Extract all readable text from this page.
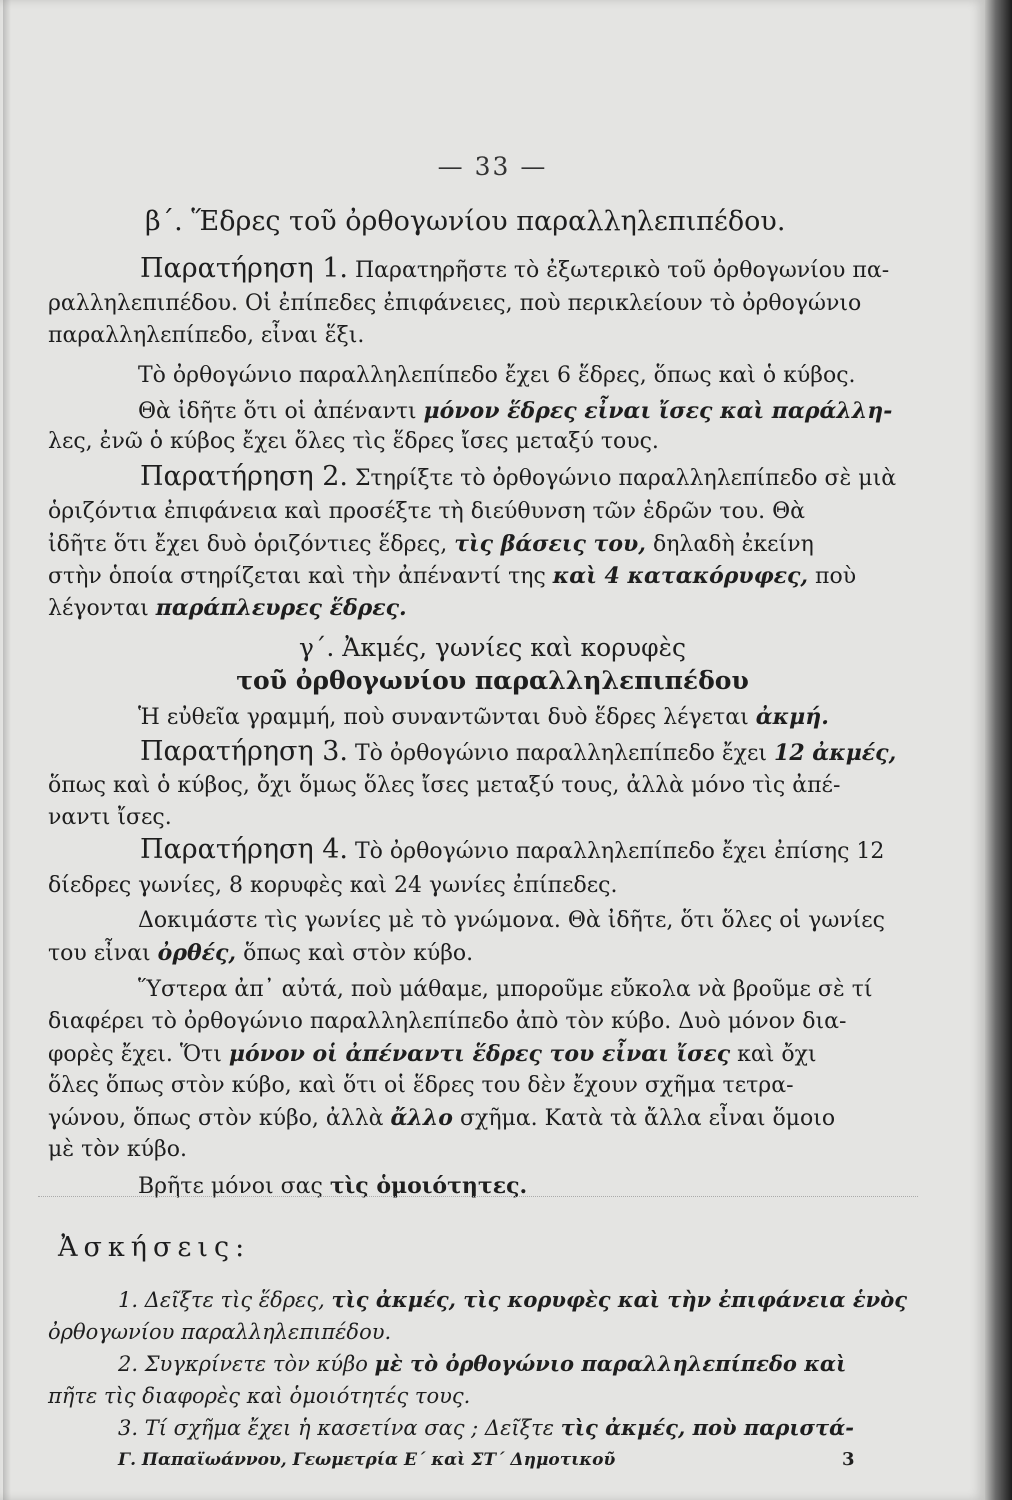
— 33 —
β΄. Ἕδρες τοῦ ὀρθογωνίου παραλληλεπιπέδου.
Παρατήρηση 1. Παρατηρῆστε τὸ ἐξωτερικὸ τοῦ ὀρθογωνίου πα-
ραλληλεπιπέδου. Οἱ ἐπίπεδες ἐπιφάνειες, ποὺ περικλείουν τὸ ὀρθογώνιο
παραλληλεπίπεδο, εἶναι ἕξι.
Τὸ ὀρθογώνιο παραλληλεπίπεδο ἔχει 6 ἕδρες, ὅπως καὶ ὁ κύβος.
Θὰ ἰδῆτε ὅτι οἱ ἀπέναντι μόνον ἕδρες εἶναι ἴσες καὶ παράλλη-
λες, ἐνῶ ὁ κύβος ἔχει ὅλες τὶς ἕδρες ἴσες μεταξύ τους.
Παρατήρηση 2. Στηρίξτε τὸ ὀρθογώνιο παραλληλεπίπεδο σὲ μιὰ
ὁριζόντια ἐπιφάνεια καὶ προσέξτε τὴ διεύθυνση τῶν ἑδρῶν του. Θὰ
ἰδῆτε ὅτι ἔχει δυὸ ὁριζόντιες ἕδρες, τὶς βάσεις του, δηλαδὴ ἐκείνη
στὴν ὁποία στηρίζεται καὶ τὴν ἀπέναντί της καὶ 4 κατακόρυφες, ποὺ
λέγονται παράπλευρες ἕδρες.
γ΄. Ἀκμές, γωνίες καὶ κορυφὲς
τοῦ ὀρθογωνίου παραλληλεπιπέδου
Ἡ εὐθεῖα γραμμή, ποὺ συναντῶνται δυὸ ἕδρες λέγεται ἀκμή.
Παρατήρηση 3. Τὸ ὀρθογώνιο παραλληλεπίπεδο ἔχει 12 ἀκμές,
ὅπως καὶ ὁ κύβος, ὄχι ὅμως ὅλες ἴσες μεταξύ τους, ἀλλὰ μόνο τὶς ἀπέ-
ναντι ἴσες.
Παρατήρηση 4. Τὸ ὀρθογώνιο παραλληλεπίπεδο ἔχει ἐπίσης 12
δίεδρες γωνίες, 8 κορυφὲς καὶ 24 γωνίες ἐπίπεδες.
Δοκιμάστε τὶς γωνίες μὲ τὸ γνώμονα. Θὰ ἰδῆτε, ὅτι ὅλες οἱ γωνίες
του εἶναι ὀρθές, ὅπως καὶ στὸν κύβο.
Ὕστερα ἀπ᾿ αὐτά, ποὺ μάθαμε, μποροῦμε εὔκολα νὰ βροῦμε σὲ τί
διαφέρει τὸ ὀρθογώνιο παραλληλεπίπεδο ἀπὸ τὸν κύβο. Δυὸ μόνον δια-
φορὲς ἔχει. Ὅτι μόνον οἱ ἀπέναντι ἕδρες του εἶναι ἴσες καὶ ὄχι
ὅλες ὅπως στὸν κύβο, καὶ ὅτι οἱ ἕδρες του δὲν ἔχουν σχῆμα τετρα-
γώνου, ὅπως στὸν κύβο, ἀλλὰ ἄλλο σχῆμα. Κατὰ τὰ ἄλλα εἶναι ὅμοιο
μὲ τὸν κύβο.
Βρῆτε μόνοι σας τὶς ὁμοιότητες.
Ἀσκήσεις:
1. Δεῖξτε τὶς ἕδρες, τὶς ἀκμές, τὶς κορυφὲς καὶ τὴν ἐπιφάνεια ἑνὸς
ὀρθογωνίου παραλληλεπιπέδου.
2. Συγκρίνετε τὸν κύβο μὲ τὸ ὀρθογώνιο παραλληλεπίπεδο καὶ
πῆτε τὶς διαφορὲς καὶ ὁμοιότητές τους.
3. Τί σχῆμα ἔχει ἡ κασετίνα σας ; Δεῖξτε τὶς ἀκμές, ποὺ παριστά-
Γ. Παπαϊωάννου, Γεωμετρία Ε΄ καὶ ΣΤ΄ Δημοτικοῦ	3
